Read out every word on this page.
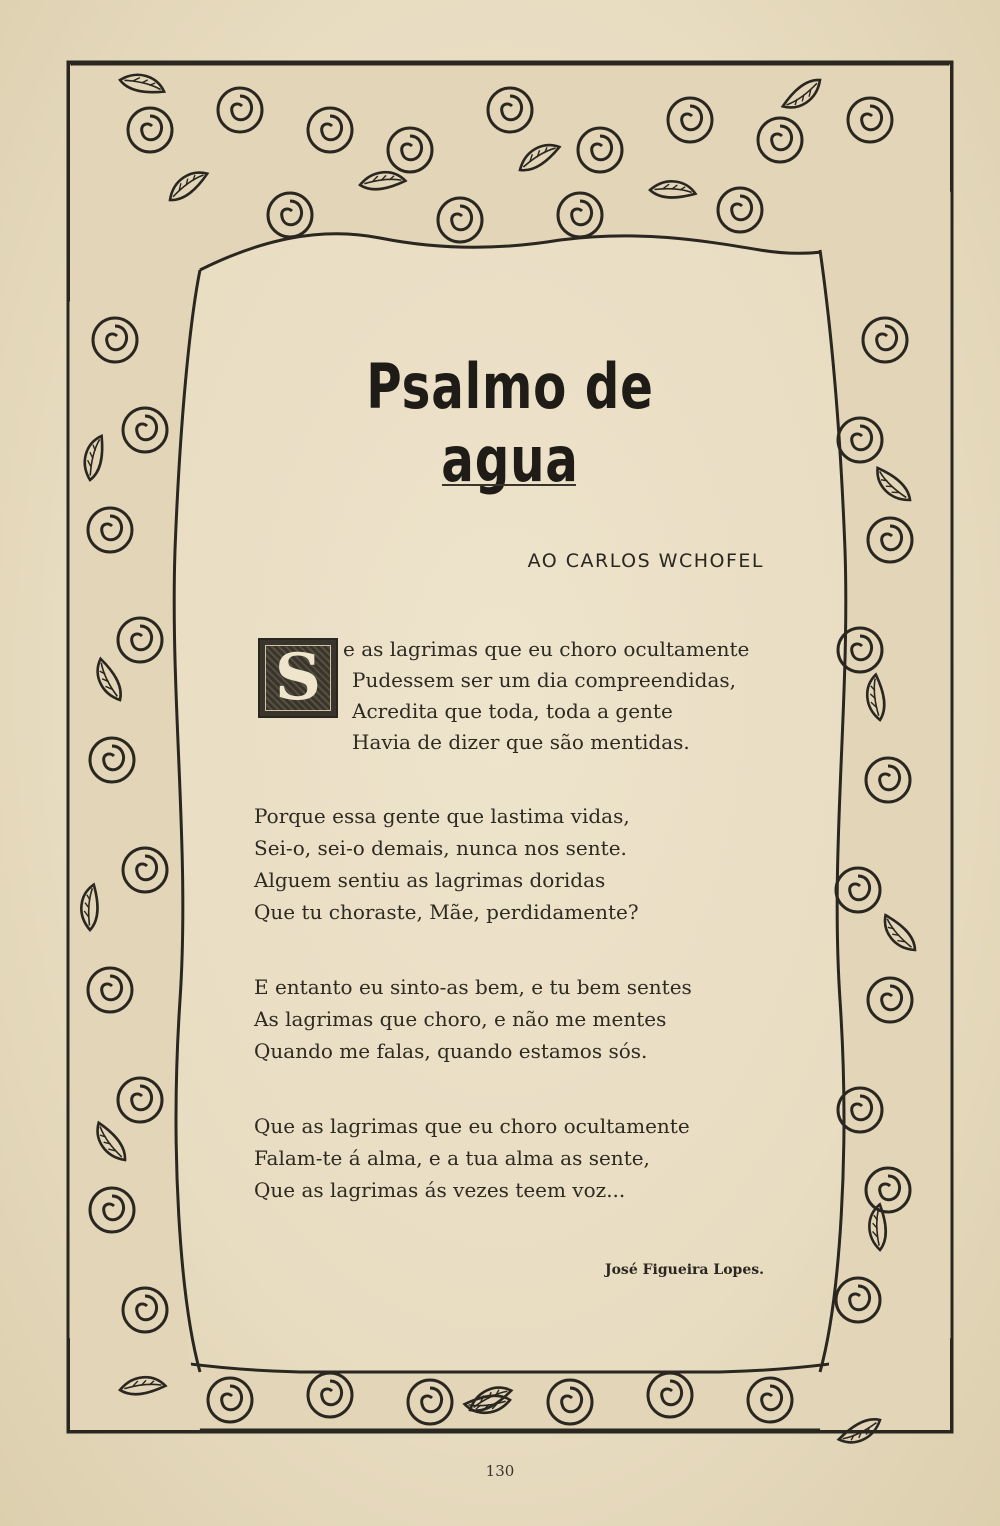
Psalmo de agua
AO CARLOS WCHOFEL
S e as lagrimas que eu choro ocultamente
Pudessem ser um dia compreendidas,
Acredita que toda, toda a gente
Havia de dizer que são mentidas.
Porque essa gente que lastima vidas,
Sei-o, sei-o demais, nunca nos sente.
Alguem sentiu as lagrimas doridas
Que tu choraste, Mãe, perdidamente?
E entanto eu sinto-as bem, e tu bem sentes
As lagrimas que choro, e não me mentes
Quando me falas, quando estamos sós.
Que as lagrimas que eu choro ocultamente
Falam-te á alma, e a tua alma as sente,
Que as lagrimas ás vezes teem voz...
José Figueira Lopes.
130
